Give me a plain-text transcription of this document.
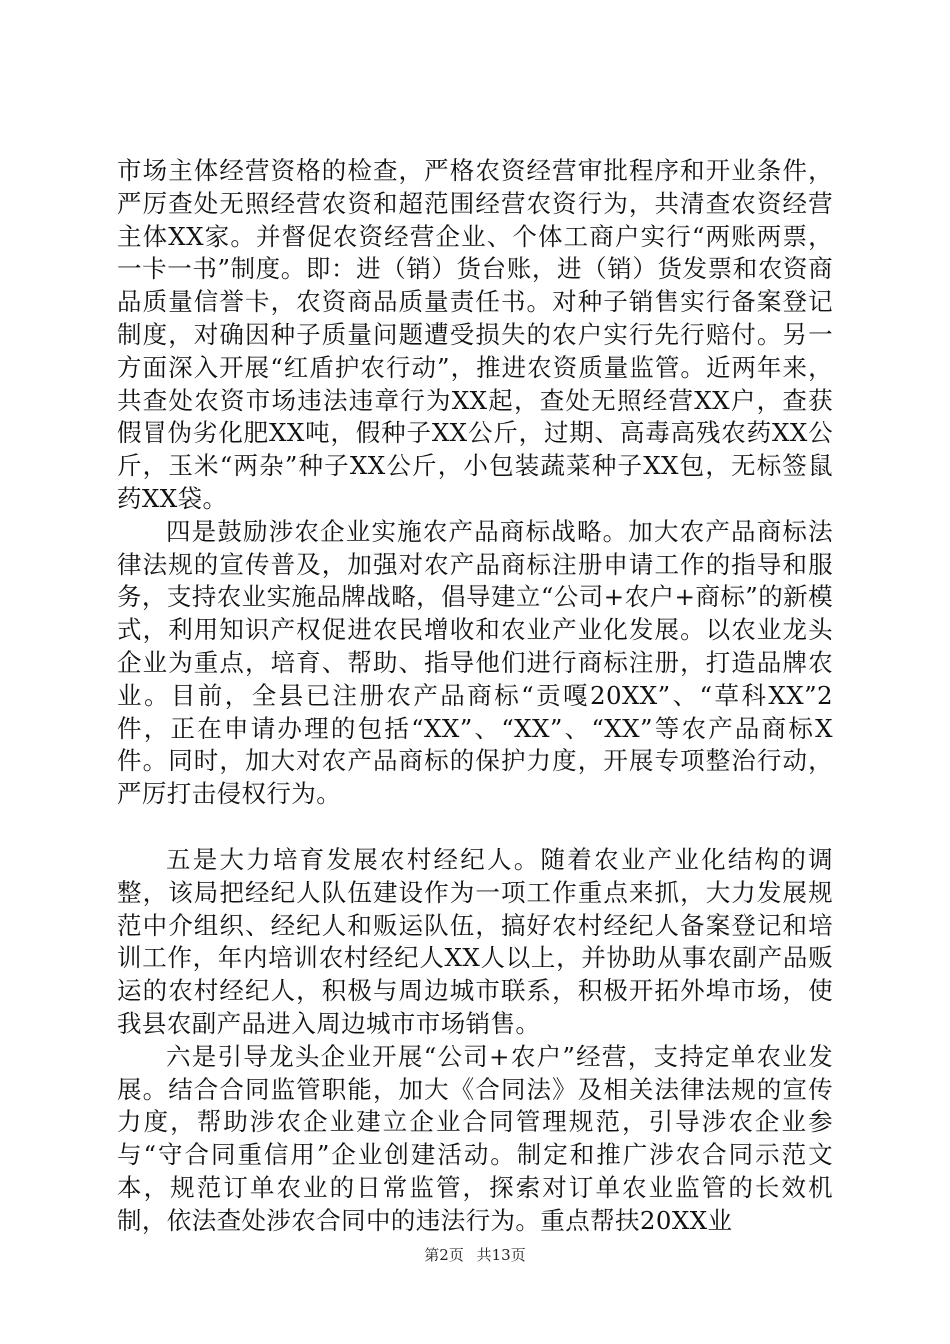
市场主体经营资格的检查，严格农资经营审批程序和开业条件，严厉查处无照经营农资和超范围经营农资行为，共清查农资经营主体XX家。并督促农资经营企业、个体工商户实行“两账两票，一卡一书”制度。即：进（销）货台账，进（销）货发票和农资商品质量信誉卡，农资商品质量责任书。对种子销售实行备案登记制度，对确因种子质量问题遭受损失的农户实行先行赔付。另一方面深入开展“红盾护农行动”，推进农资质量监管。近两年来，共查处农资市场违法违章行为XX起，查处无照经营XX户，查获假冒伪劣化肥XX吨，假种子XX公斤，过期、高毒高残农药XX公斤，玉米“两杂”种子XX公斤，小包装蔬菜种子XX包，无标签鼠药XX袋。

四是鼓励涉农企业实施农产品商标战略。加大农产品商标法律法规的宣传普及，加强对农产品商标注册申请工作的指导和服务，支持农业实施品牌战略，倡导建立“公司+农户+商标”的新模式，利用知识产权促进农民增收和农业产业化发展。以农业龙头企业为重点，培育、帮助、指导他们进行商标注册，打造品牌农业。目前，全县已注册农产品商标“贡嘎20XX”、“草科XX”2件，正在申请办理的包括“XX”、“XX”、“XX”等农产品商标X件。同时，加大对农产品商标的保护力度，开展专项整治行动，严厉打击侵权行为。

五是大力培育发展农村经纪人。随着农业产业化结构的调整，该局把经纪人队伍建设作为一项工作重点来抓，大力发展规范中介组织、经纪人和贩运队伍，搞好农村经纪人备案登记和培训工作，年内培训农村经纪人XX人以上，并协助从事农副产品贩运的农村经纪人，积极与周边城市联系，积极开拓外埠市场，使我县农副产品进入周边城市市场销售。

六是引导龙头企业开展“公司+农户”经营，支持定单农业发展。结合合同监管职能，加大《合同法》及相关法律法规的宣传力度，帮助涉农企业建立企业合同管理规范，引导涉农企业参与“守合同重信用”企业创建活动。制定和推广涉农合同示范文本，规范订单农业的日常监管，探索对订单农业监管的长效机制，依法查处涉农合同中的违法行为。重点帮扶20XX业

第2页 共13页
